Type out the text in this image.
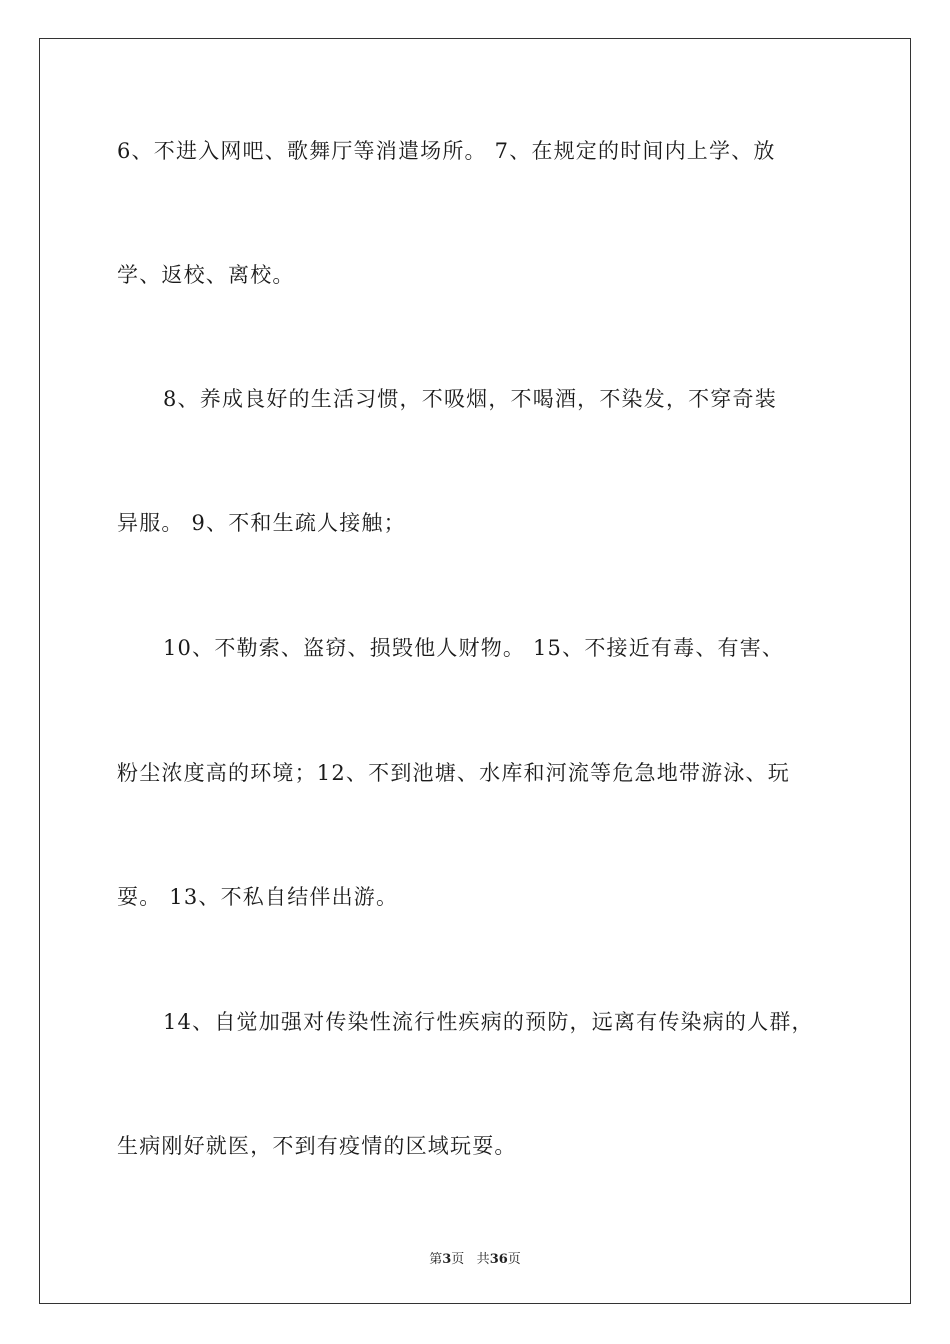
6、不进入网吧、歌舞厅等消遣场所。 7、在规定的时间内上学、放
学、返校、离校。
8、养成良好的生活习惯，不吸烟，不喝酒，不染发，不穿奇装
异服。 9、不和生疏人接触；
10、不勒索、盗窃、损毁他人财物。 15、不接近有毒、有害、
粉尘浓度高的环境；12、不到池塘、水库和河流等危急地带游泳、玩
耍。 13、不私自结伴出游。
14、自觉加强对传染性流行性疾病的预防，远离有传染病的人群，
生病刚好就医，不到有疫情的区域玩耍。
第3页 共36页
